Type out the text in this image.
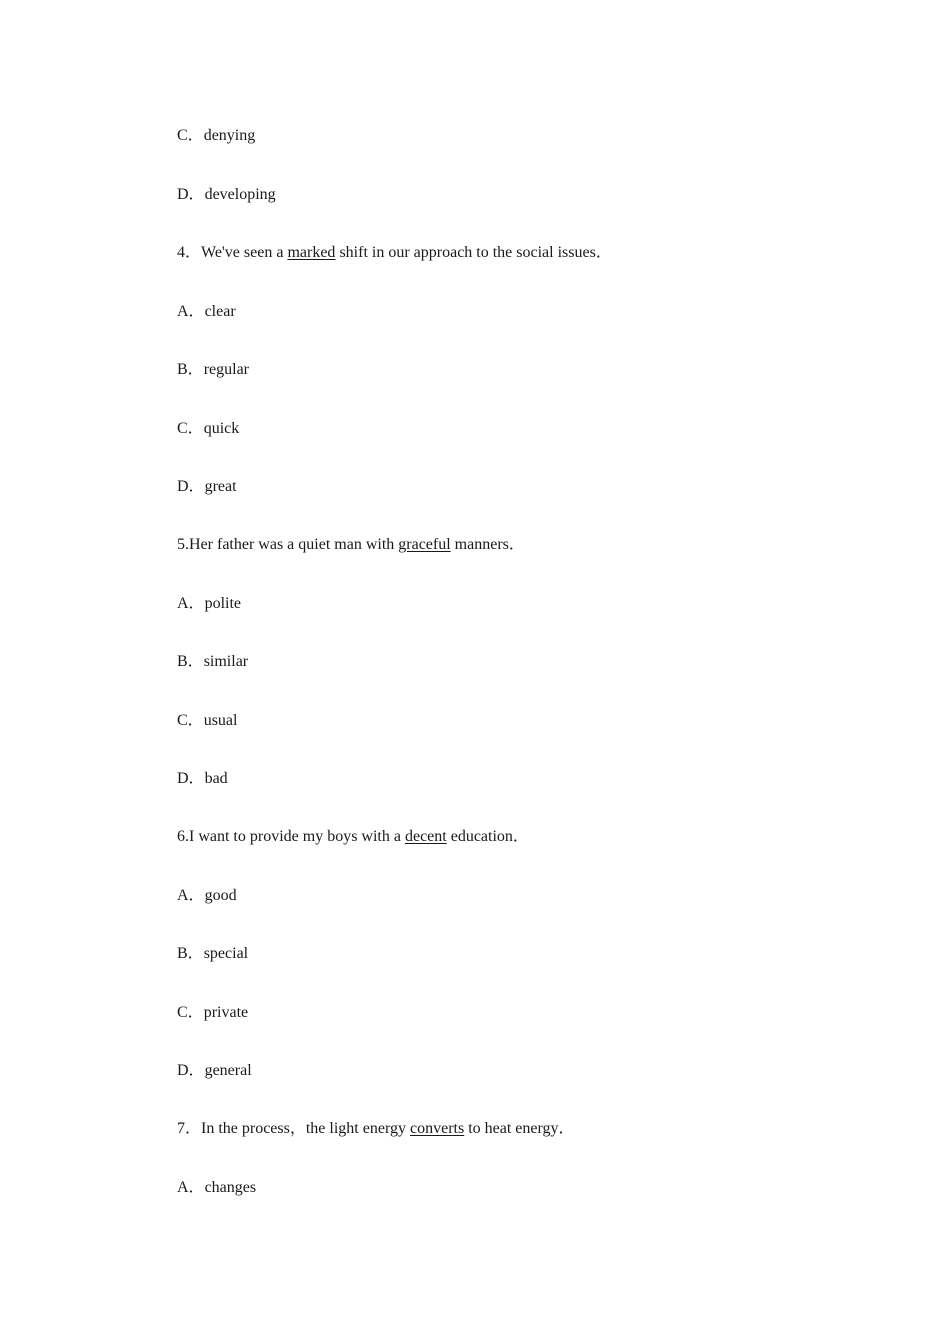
C．denying
D．developing
4．We've seen a marked shift in our approach to the social issues．
A．clear
B．regular
C．quick
D．great
5.Her father was a quiet man with graceful manners．
A．polite
B．similar
C．usual
D．bad
6.I want to provide my boys with a decent education．
A．good
B．special
C．private
D．general
7．In the process，the light energy converts to heat energy．
A．changes
